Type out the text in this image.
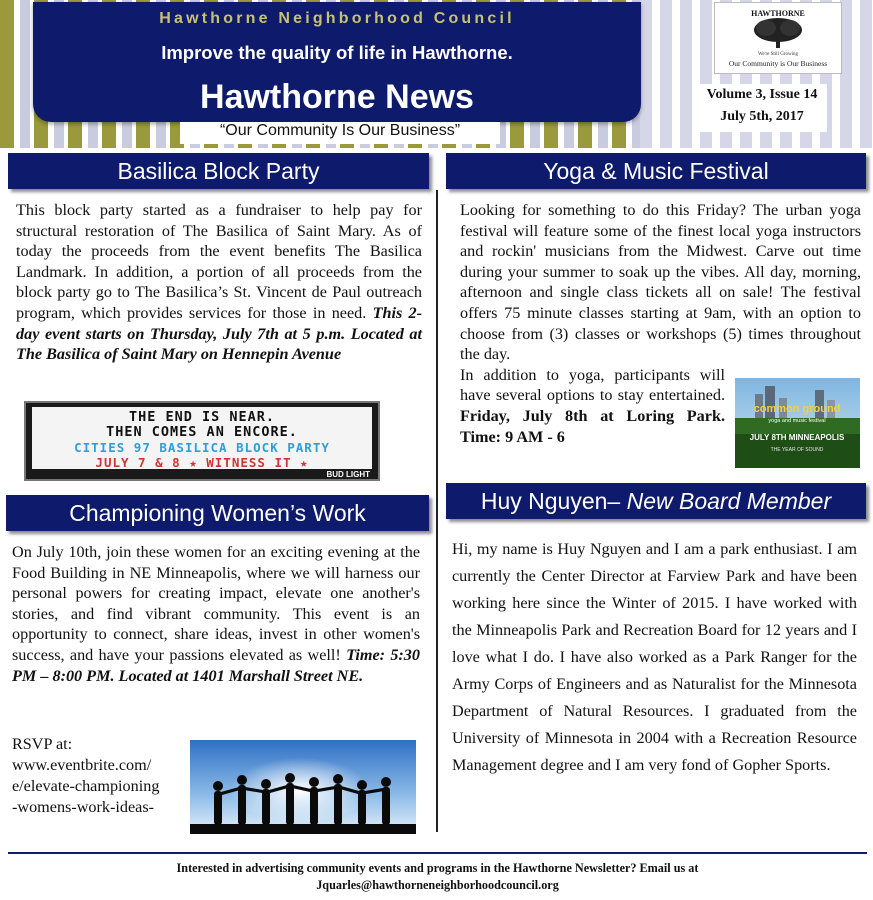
Hawthorne Neighborhood Council
Improve the quality of life in Hawthorne.
Hawthorne News
“Our Community Is Our Business”
HAWTHORNE
We're Still Growing
Our Community is Our Business
Volume 3, Issue 14
July 5th, 2017
Basilica Block Party
This block party started as a fundraiser to help pay for structural restoration of The Basilica of Saint Mary. As of today the proceeds from the event benefits The Basilica Landmark. In addition, a portion of all proceeds from the block party go to The Basilica’s St. Vincent de Paul outreach program, which provides services for those in need. This 2-day event starts on Thursday, July 7th at 5 p.m. Located at The Basilica of Saint Mary on Hennepin Avenue
THE END IS NEAR.
THEN COMES AN ENCORE.
CITIES 97 BASILICA BLOCK PARTY
JULY 7 & 8 ★ WITNESS IT ★
BUD LIGHT
Championing Women’s Work
On July 10th, join these women for an exciting evening at the Food Building in NE Minneapolis, where we will harness our personal powers for creating impact, elevate one another's stories, and find vibrant community. This event is an opportunity to connect, share ideas, invest in other women's success, and have your passions elevated as well! Time: 5:30 PM – 8:00 PM. Located at 1401 Marshall Street NE.
RSVP at:
www.eventbrite.com/
e/elevate-championing
-womens-work-ideas-
Yoga & Music Festival
Looking for something to do this Friday? The urban yoga festival will feature some of the finest local yoga instructors and rockin' musicians from the Midwest. Carve out time during your summer to soak up the vibes. All day, morning, afternoon and single class tickets all on sale! The festival offers 75 minute classes starting at 9am, with an option to choose from (3) classes or workshops (5) times throughout the day.
In addition to yoga, participants will have several options to stay entertained. Friday, July 8th at Loring Park. Time: 9 AM - 6
common ground
yoga and music festival
JULY 8TH MINNEAPOLIS
THE YEAR OF SOUND
Huy Nguyen– New Board Member
Hi, my name is Huy Nguyen and I am a park enthusiast. I am currently the Center Director at Farview Park and have been working here since the Winter of 2015. I have worked with the Minneapolis Park and Recreation Board for 12 years and I love what I do. I have also worked as a Park Ranger for the Army Corps of Engineers and as Naturalist for the Minnesota Department of Natural Resources. I graduated from the University of Minnesota in 2004 with a Recreation Resource Management degree and I am very fond of Gopher Sports.
Interested in advertising community events and programs in the Hawthorne Newsletter? Email us at
Jquarles@hawthorneneighborhoodcouncil.org
